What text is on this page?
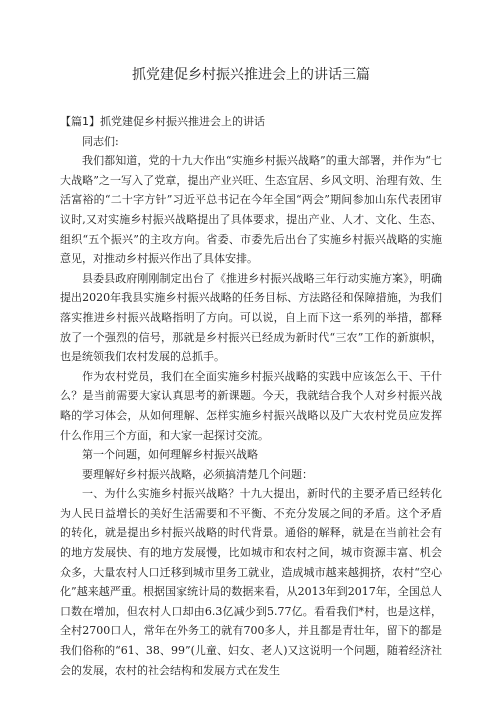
抓党建促乡村振兴推进会上的讲话三篇

【篇1】抓党建促乡村振兴推进会上的讲话

同志们:

我们都知道，党的十九大作出“实施乡村振兴战略”的重大部署，并作为“七大战略”之一写入了党章，提出产业兴旺、生态宜居、乡风文明、治理有效、生活富裕的“二十字方针”习近平总书记在今年全国“两会”期间参加山东代表团审议时,又对实施乡村振兴战略提出了具体要求，提出产业、人才、文化、生态、组织“五个振兴”的主攻方向。省委、市委先后出台了实施乡村振兴战略的实施意见，对推动乡村振兴作出了具体安排。

县委县政府刚刚制定出台了《推进乡村振兴战略三年行动实施方案》，明确提出2020年我县实施乡村振兴战略的任务目标、方法路径和保障措施，为我们落实推进乡村振兴战略指明了方向。可以说，自上而下这一系列的举措，都释放了一个强烈的信号，那就是乡村振兴已经成为新时代“三农”工作的新旗帜，也是统领我们农村发展的总抓手。

作为农村党员，我们在全面实施乡村振兴战略的实践中应该怎么干、干什么？是当前需要大家认真思考的新课题。今天，我就结合我个人对乡村振兴战略的学习体会，从如何理解、怎样实施乡村振兴战略以及广大农村党员应发挥什么作用三个方面，和大家一起探讨交流。

第一个问题，如何理解乡村振兴战略

要理解好乡村振兴战略，必须搞清楚几个问题：

一、为什么实施乡村振兴战略？十九大提出，新时代的主要矛盾已经转化为人民日益增长的美好生活需要和不平衡、不充分发展之间的矛盾。这个矛盾的转化，就是提出乡村振兴战略的时代背景。通俗的解释，就是在当前社会有的地方发展快、有的地方发展慢，比如城市和农村之间，城市资源丰富、机会众多，大量农村人口迁移到城市里务工就业，造成城市越来越拥挤，农村“空心化”越来越严重。根据国家统计局的数据来看，从2013年到2017年，全国总人口数在增加，但农村人口却由6.3亿减少到5.77亿。看看我们*村，也是这样，全村2700口人，常年在外务工的就有700多人，并且都是青壮年，留下的都是我们俗称的“61、38、99”(儿童、妇女、老人)又这说明一个问题，随着经济社会的发展，农村的社会结构和发展方式在发生
